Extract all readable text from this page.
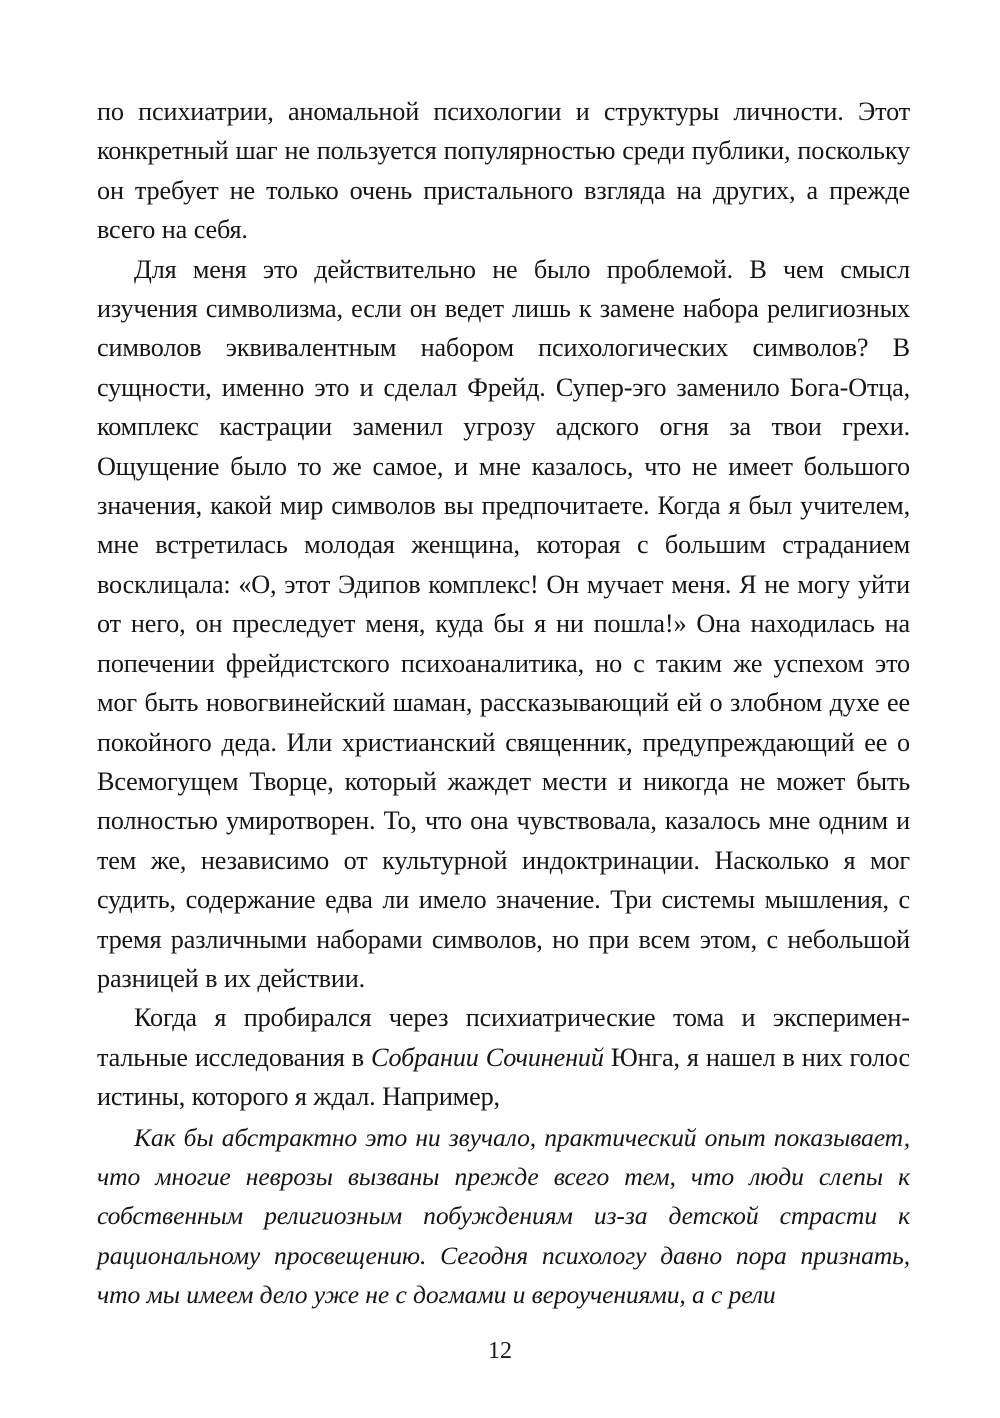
по психиатрии, аномальной психологии и структуры личности. Этот конкретный шаг не пользуется популярностью среди публики, поскольку он требует не только очень пристального взгляда на других, а прежде всего на себя.

Для меня это действительно не было проблемой. В чем смысл изучения символизма, если он ведет лишь к замене набора религиозных символов эквивалентным набором психологических символов? В сущности, именно это и сделал Фрейд. Супер-эго заменило Бога-Отца, комплекс кастрации заменил угрозу адского огня за твои грехи. Ощущение было то же самое, и мне казалось, что не имеет большого значения, какой мир символов вы предпочитаете. Когда я был учителем, мне встретилась молодая женщина, которая с большим страданием восклицала: «О, этот Эдипов комплекс! Он мучает меня. Я не могу уйти от него, он преследует меня, куда бы я ни пошла!» Она находилась на попечении фрейдистского психоаналитика, но с таким же успехом это мог быть новогвинейский шаман, рассказывающий ей о злобном духе ее покойного деда. Или христианский священник, предупреждающий ее о Всемогущем Творце, который жаждет мести и никогда не может быть полностью умиротворен. То, что она чувствовала, казалось мне одним и тем же, независимо от культурной индоктринации. Насколько я мог судить, содержание едва ли имело значение. Три системы мышления, с тремя различными наборами символов, но при всем этом, с небольшой разницей в их действии.

Когда я пробирался через психиатрические тома и экспериментальные исследования в Собрании Сочинений Юнга, я нашел в них голос истины, которого я ждал. Например,

Как бы абстрактно это ни звучало, практический опыт показывает, что многие неврозы вызваны прежде всего тем, что люди слепы к собственным религиозным побуждениям из-за детской страсти к рациональному просвещению. Сегодня психологу давно пора признать, что мы имеем дело уже не с догмами и вероучениями, а с рели

12
